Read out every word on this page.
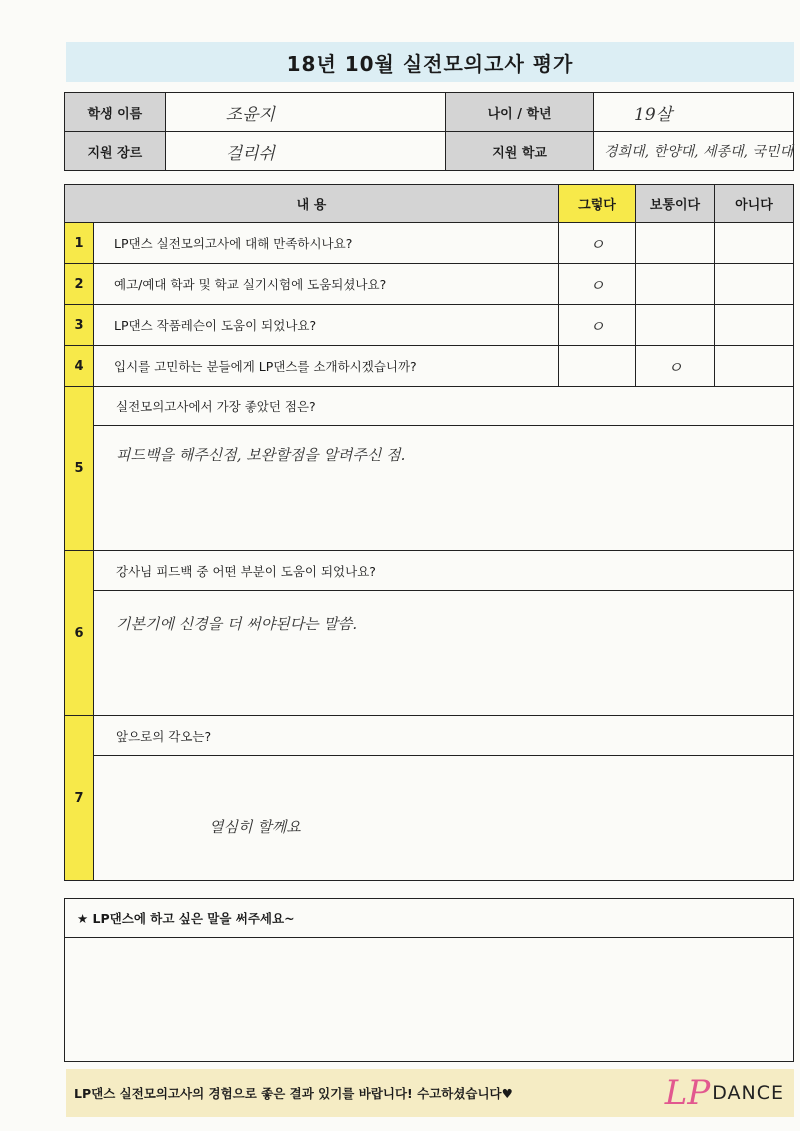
18년 10월 실전모의고사 평가
학생 이름	조윤지	나이 / 학년	19살
지원 장르	걸리쉬	지원 학교	경희대, 한양대, 세종대, 국민대
내 용		그렇다	보통이다	아니다
1	LP댄스 실전모의고사에 대해 만족하시나요?	ㅇ		
2	예고/예대 학과 및 학교 실기시험에 도움되셨나요?	ㅇ		
3	LP댄스 작품레슨이 도움이 되었나요?	ㅇ		
4	입시를 고민하는 분들에게 LP댄스를 소개하시겠습니까?		ㅇ	
5	실전모의고사에서 가장 좋았던 점은?			
	피드백을 해주신점, 보완할점을 알려주신 점.			
6	강사님 피드백 중 어떤 부분이 도움이 되었나요?			
	기본기에 신경을 더 써야된다는 말씀.			
7	앞으로의 각오는?			
	열심히 할께요			
★ LP댄스에 하고 싶은 말을 써주세요~

LP댄스 실전모의고사의 경험으로 좋은 결과 있기를 바랍니다! 수고하셨습니다♥	LP DANCE
